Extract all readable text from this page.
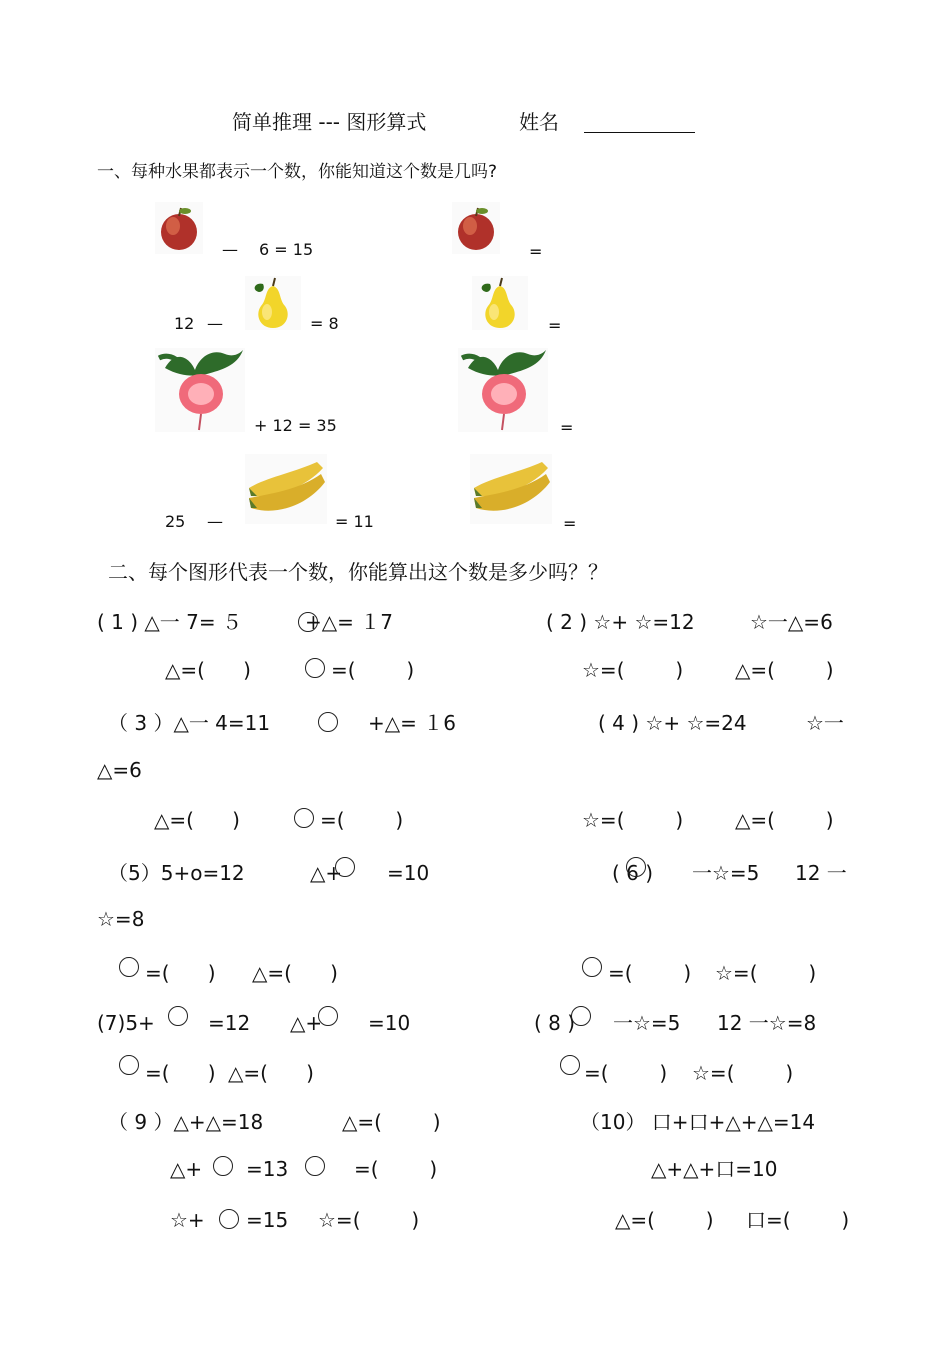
简单推理 --- 图形算式	姓名
一、每种水果都表示一个数，你能知道这个数是几吗?
— 6 = 15	=
12 —	= 8	=
+ 12 = 35	=
25 —	= 11	=
二、每个图形代表一个数，你能算出这个数是多少吗？？
( 1 ) △一 7= ５	+△= １7
△=(      )	=(        )
( 2 ) ☆+ ☆=12	☆一△=6
☆=(        )	△=(        )
（ 3 ）△一 4=11	+△= １6
△=(      )	=(        )
( 4 ) ☆+ ☆=24	☆一
△=6
☆=(        )	△=(        )
（5）5+o=12	△+ =10
=(      ) △=(      )
( 6 ) 一☆=5 12 一
☆=8
=(        ) ☆=(        )
(7)5+	=12 △+ =10
=(      ) △=(      )
( 8 ) 一☆=5 12 一☆=8
=(        ) ☆=(        )
（ 9 ）△+△=18	△=(        )
△+ =13	=(        )
☆+ =15 ☆=(        )
（10） 口+口+△+△=14
△+△+口=10
△=(        ) 口=(        )
